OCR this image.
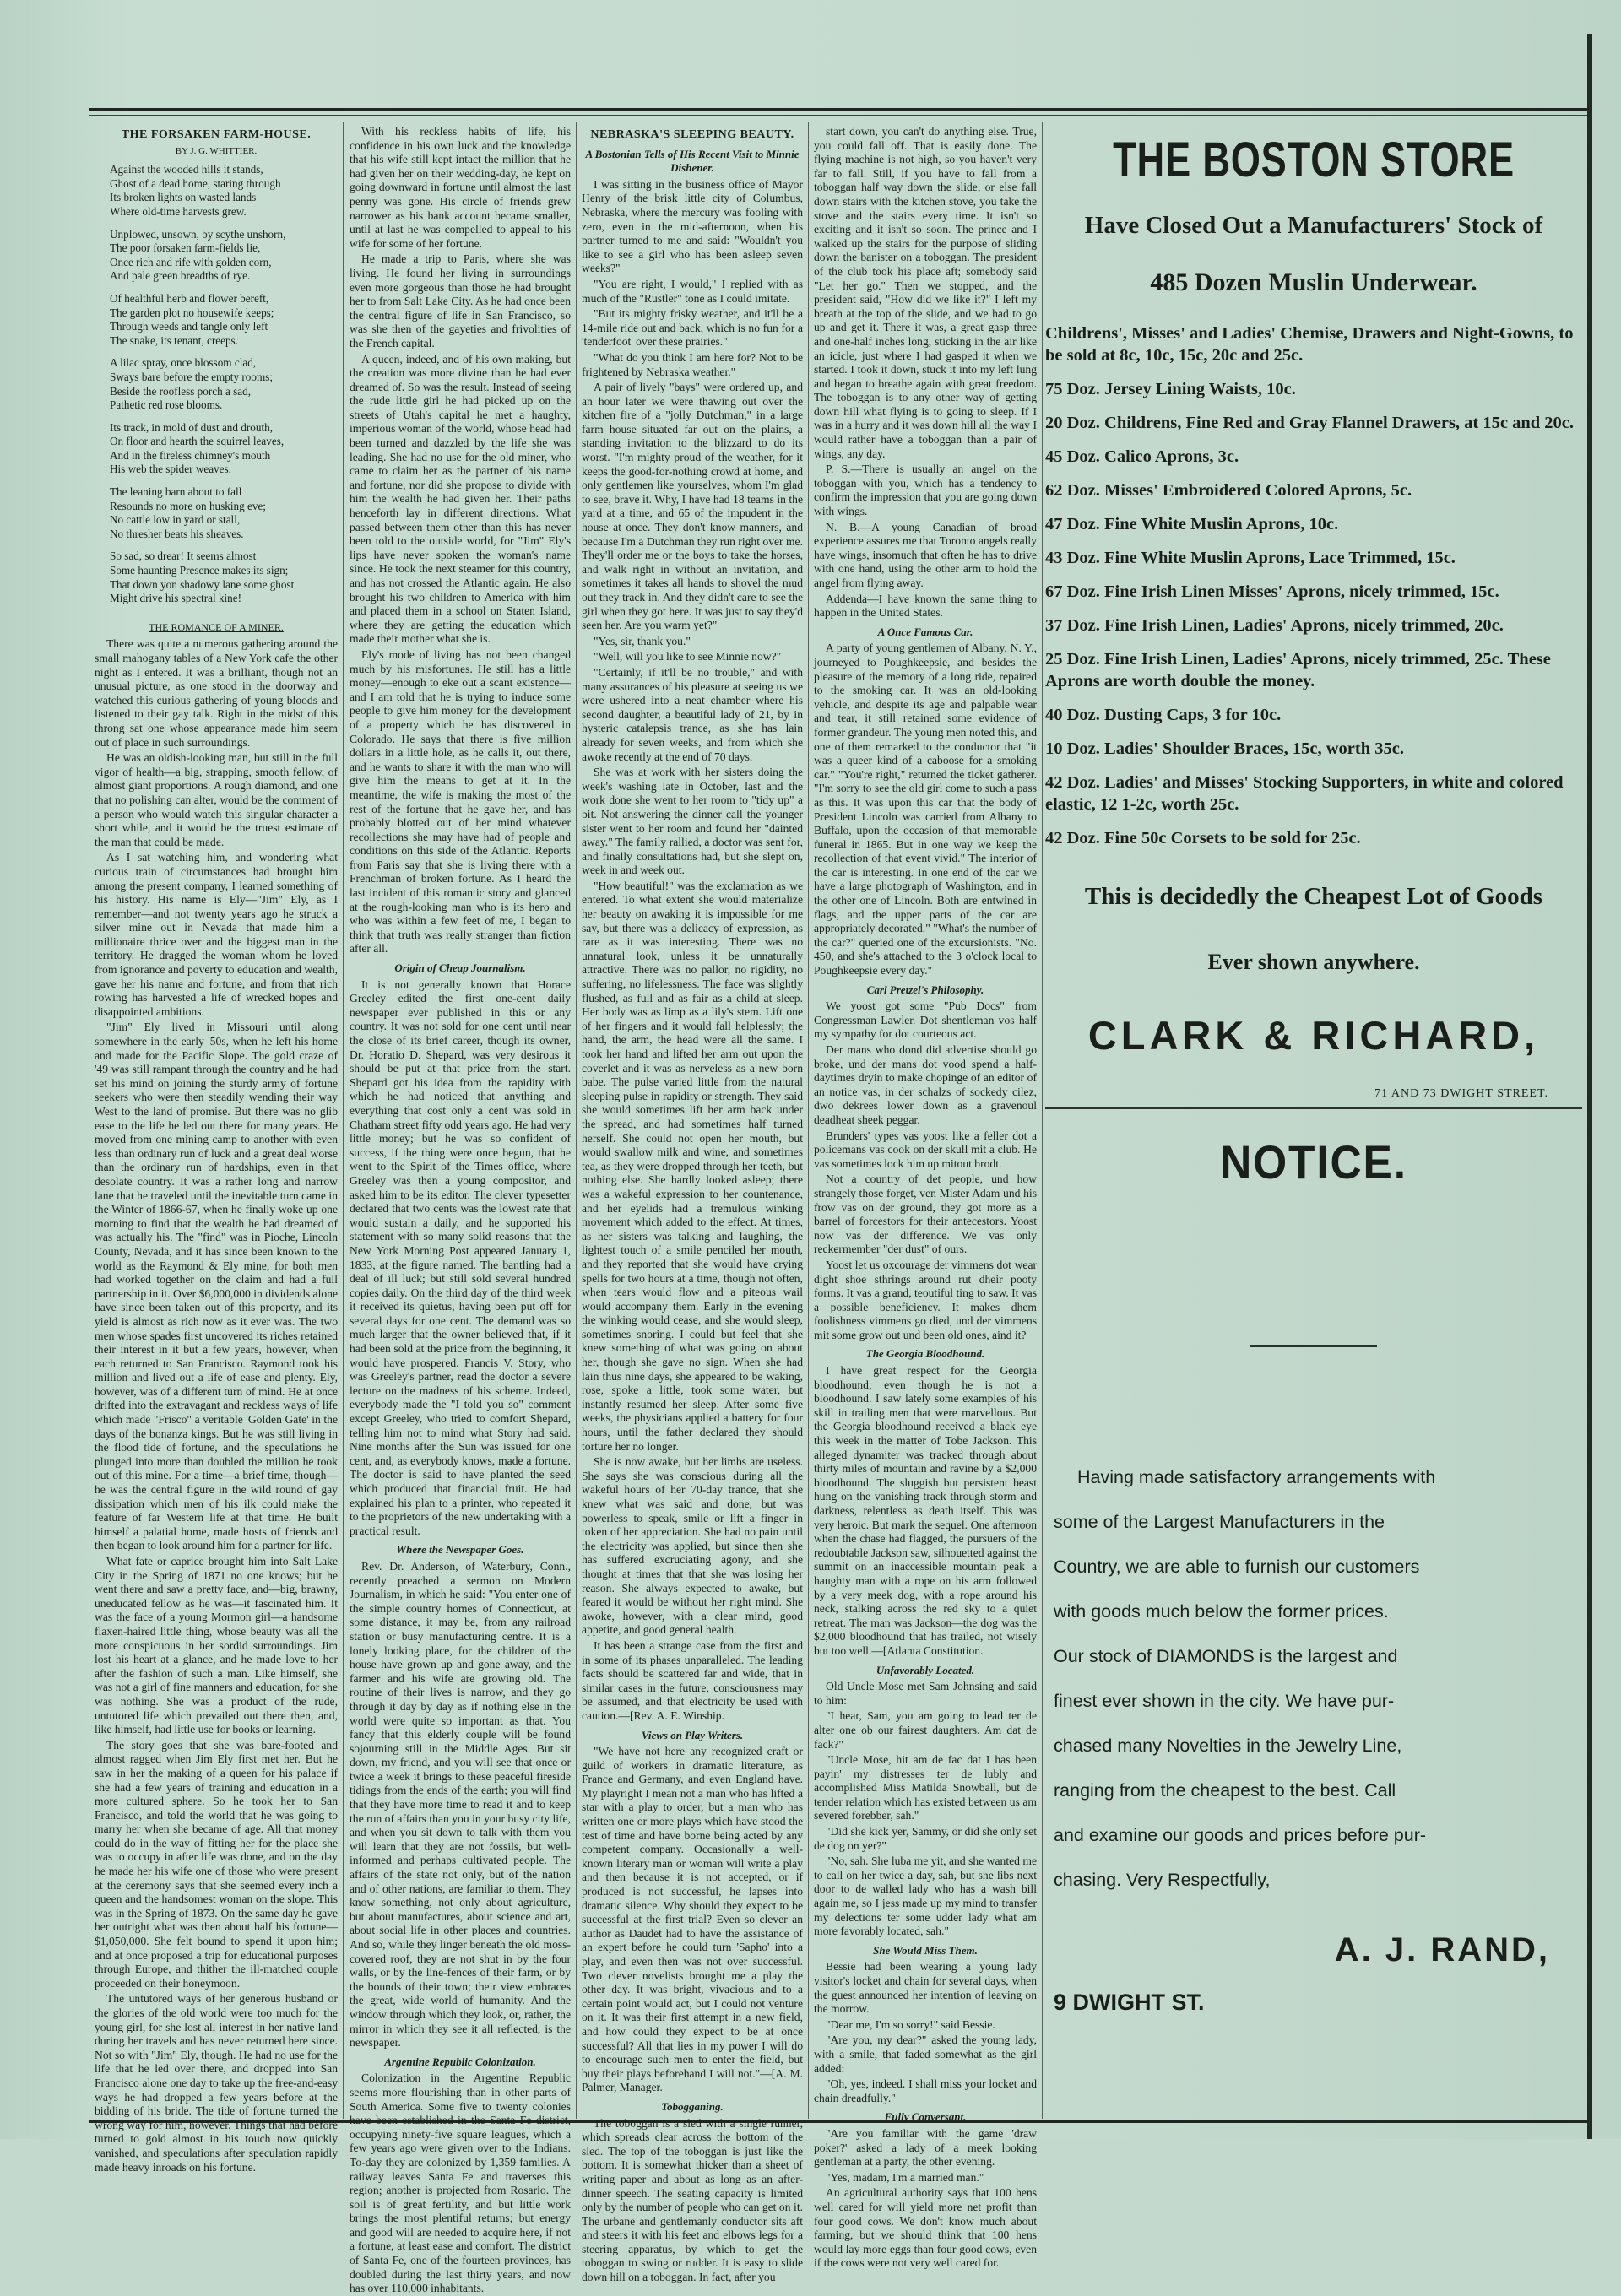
THE FORSAKEN FARM-HOUSE.
BY J. G. WHITTIER.

Against the wooded hills it stands,
Ghost of a dead home, staring through
Its broken lights on wasted lands
Where old-time harvests grew.

Unplowed, unsown, by scythe unshorn,
The poor forsaken farm-fields lie,
Once rich and rife with golden corn,
And pale green breadths of rye.

Of healthful herb and flower bereft,
The garden plot no housewife keeps;
Through weeds and tangle only left
The snake, its tenant, creeps.

A lilac spray, once blossom clad,
Sways bare before the empty rooms;
Beside the roofless porch a sad,
Pathetic red rose blooms.

Its track, in mold of dust and drouth,
On floor and hearth the squirrel leaves,
And in the fireless chimney's mouth
His web the spider weaves.

The leaning barn about to fall
Resounds no more on husking eve;
No cattle low in yard or stall,
No thresher beats his sheaves.

So sad, so drear! It seems almost
Some haunting Presence makes its sign;
That down yon shadowy lane some ghost
Might drive his spectral kine!

THE ROMANCE OF A MINER.

There was quite a numerous gathering around the small mahogany tables of a New York cafe the other night as I entered. It was a brilliant, though not an unusual picture, as one stood in the doorway and watched this curious gathering of young bloods and listened to their gay talk. Right in the midst of this throng sat one whose appearance made him seem out of place in such surroundings.

He was an oldish-looking man, but still in the full vigor of health—a big, strapping, smooth fellow, of almost giant proportions. A rough diamond, and one that no polishing can alter, would be the comment of a person who would watch this singular character a short while, and it would be the truest estimate of the man that could be made.

As I sat watching him, and wondering what curious train of circumstances had brought him among the present company, I learned something of his history. His name is Ely—"Jim" Ely, as I remember—and not twenty years ago he struck a silver mine out in Nevada that made him a millionaire thrice over and the biggest man in the territory. He dragged the woman whom he loved from ignorance and poverty to education and wealth, gave her his name and fortune, and from that rich rowing has harvested a life of wrecked hopes and disappointed ambitions.

"Jim" Ely lived in Missouri until along somewhere in the early '50s, when he left his home and made for the Pacific Slope. The gold craze of '49 was still rampant through the country and he had set his mind on joining the sturdy army of fortune seekers who were then steadily wending their way West to the land of promise. But there was no glib ease to the life he led out there for many years. He moved from one mining camp to another with even less than ordinary run of luck and a great deal worse than the ordinary run of hardships, even in that desolate country. It was a rather long and narrow lane that he traveled until the inevitable turn came in the Winter of 1866-67, when he finally woke up one morning to find that the wealth he had dreamed of was actually his. The "find" was in Pioche, Lincoln County, Nevada, and it has since been known to the world as the Raymond & Ely mine, for both men had worked together on the claim and had a full partnership in it. Over $6,000,000 in dividends alone have since been taken out of this property, and its yield is almost as rich now as it ever was. The two men whose spades first uncovered its riches retained their interest in it but a few years, however, when each returned to San Francisco. Raymond took his million and lived out a life of ease and plenty. Ely, however, was of a different turn of mind. He at once drifted into the extravagant and reckless ways of life which made "Frisco" a veritable 'Golden Gate' in the days of the bonanza kings. But he was still living in the flood tide of fortune, and the speculations he plunged into more than doubled the million he took out of this mine. For a time—a brief time, though—he was the central figure in the wild round of gay dissipation which men of his ilk could make the feature of far Western life at that time. He built himself a palatial home, made hosts of friends and then began to look around him for a partner for life.

What fate or caprice brought him into Salt Lake City in the Spring of 1871 no one knows; but he went there and saw a pretty face, and—big, brawny, uneducated fellow as he was—it fascinated him. It was the face of a young Mormon girl—a handsome flaxen-haired little thing, whose beauty was all the more conspicuous in her sordid surroundings. Jim lost his heart at a glance, and he made love to her after the fashion of such a man. Like himself, she was not a girl of fine manners and education, for she was nothing. She was a product of the rude, untutored life which prevailed out there then, and, like himself, had little use for books or learning.

The story goes that she was bare-footed and almost ragged when Jim Ely first met her. But he saw in her the making of a queen for his palace if she had a few years of training and education in a more cultured sphere. So he took her to San Francisco, and told the world that he was going to marry her when she became of age. All that money could do in the way of fitting her for the place she was to occupy in after life was done, and on the day he made her his wife one of those who were present at the ceremony says that she seemed every inch a queen and the handsomest woman on the slope. This was in the Spring of 1873. On the same day he gave her outright what was then about half his fortune—$1,050,000. She felt bound to spend it upon him; and at once proposed a trip for educational purposes through Europe, and thither the ill-matched couple proceeded on their honeymoon.

The untutored ways of her generous husband or the glories of the old world were too much for the young girl, for she lost all interest in her native land during her travels and has never returned here since. Not so with "Jim" Ely, though. He had no use for the life that he led over there, and dropped into San Francisco alone one day to take up the free-and-easy ways he had dropped a few years before at the bidding of his bride. The tide of fortune turned the wrong way for him, however. Things that had before turned to gold almost in his touch now quickly vanished, and speculations after speculation rapidly made heavy inroads on his fortune.

With his reckless habits of life, his confidence in his own luck and the knowledge that his wife still kept intact the million that he had given her on their wedding-day, he kept on going downward in fortune until almost the last penny was gone. His circle of friends grew narrower as his bank account became smaller, until at last he was compelled to appeal to his wife for some of her fortune.

He made a trip to Paris, where she was living. He found her living in surroundings even more gorgeous than those he had brought her to from Salt Lake City. As he had once been the central figure of life in San Francisco, so was she then of the gayeties and frivolities of the French capital.

A queen, indeed, and of his own making, but the creation was more divine than he had ever dreamed of. So was the result. Instead of seeing the rude little girl he had picked up on the streets of Utah's capital he met a haughty, imperious woman of the world, whose head had been turned and dazzled by the life she was leading. She had no use for the old miner, who came to claim her as the partner of his name and fortune, nor did she propose to divide with him the wealth he had given her. Their paths henceforth lay in different directions. What passed between them other than this has never been told to the outside world, for "Jim" Ely's lips have never spoken the woman's name since. He took the next steamer for this country, and has not crossed the Atlantic again. He also brought his two children to America with him and placed them in a school on Staten Island, where they are getting the education which made their mother what she is.

Ely's mode of living has not been changed much by his misfortunes. He still has a little money—enough to eke out a scant existence—and I am told that he is trying to induce some people to give him money for the development of a property which he has discovered in Colorado. He says that there is five million dollars in a little hole, as he calls it, out there, and he wants to share it with the man who will give him the means to get at it. In the meantime, the wife is making the most of the rest of the fortune that he gave her, and has probably blotted out of her mind whatever recollections she may have had of people and conditions on this side of the Atlantic. Reports from Paris say that she is living there with a Frenchman of broken fortune. As I heard the last incident of this romantic story and glanced at the rough-looking man who is its hero and who was within a few feet of me, I began to think that truth was really stranger than fiction after all.

Origin of Cheap Journalism.

It is not generally known that Horace Greeley edited the first one-cent daily newspaper ever published in this or any country. It was not sold for one cent until near the close of its brief career, though its owner, Dr. Horatio D. Shepard, was very desirous it should be put at that price from the start. Shepard got his idea from the rapidity with which he had noticed that anything and everything that cost only a cent was sold in Chatham street fifty odd years ago. He had very little money; but he was so confident of success, if the thing were once begun, that he went to the Spirit of the Times office, where Greeley was then a young compositor, and asked him to be its editor. The clever typesetter declared that two cents was the lowest rate that would sustain a daily, and he supported his statement with so many solid reasons that the New York Morning Post appeared January 1, 1833, at the figure named. The bantling had a deal of ill luck; but still sold several hundred copies daily. On the third day of the third week it received its quietus, having been put off for several days for one cent. The demand was so much larger that the owner believed that, if it had been sold at the price from the beginning, it would have prospered. Francis V. Story, who was Greeley's partner, read the doctor a severe lecture on the madness of his scheme. Indeed, everybody made the "I told you so" comment except Greeley, who tried to comfort Shepard, telling him not to mind what Story had said. Nine months after the Sun was issued for one cent, and, as everybody knows, made a fortune. The doctor is said to have planted the seed which produced that financial fruit. He had explained his plan to a printer, who repeated it to the proprietors of the new undertaking with a practical result.

Where the Newspaper Goes.

Rev. Dr. Anderson, of Waterbury, Conn., recently preached a sermon on Modern Journalism, in which he said: "You enter one of the simple country homes of Connecticut, at some distance, it may be, from any railroad station or busy manufacturing centre. It is a lonely looking place, for the children of the house have grown up and gone away, and the farmer and his wife are growing old. The routine of their lives is narrow, and they go through it day by day as if nothing else in the world were quite so important as that. You fancy that this elderly couple will be found sojourning still in the Middle Ages. But sit down, my friend, and you will see that once or twice a week it brings to these peaceful fireside tidings from the ends of the earth; you will find that they have more time to read it and to keep the run of affairs than you in your busy city life, and when you sit down to talk with them you will learn that they are not fossils, but well-informed and perhaps cultivated people. The affairs of the state not only, but of the nation and of other nations, are familiar to them. They know something, not only about agriculture, but about manufactures, about science and art, about social life in other places and countries. And so, while they linger beneath the old moss-covered roof, they are not shut in by the four walls, or by the line-fences of their farm, or by the bounds of their town; their view embraces the great, wide world of humanity. And the window through which they look, or, rather, the mirror in which they see it all reflected, is the newspaper.

Argentine Republic Colonization.

Colonization in the Argentine Republic seems more flourishing than in other parts of South America. Some five to twenty colonies have been established in the Santa Fe district, occupying ninety-five square leagues, which a few years ago were given over to the Indians. To-day they are colonized by 1,359 families. A railway leaves Santa Fe and traverses this region; another is projected from Rosario. The soil is of great fertility, and but little work brings the most plentiful returns; but energy and good will are needed to acquire here, if not a fortune, at least ease and comfort. The district of Santa Fe, one of the fourteen provinces, has doubled during the last thirty years, and now has over 110,000 inhabitants.

NEBRASKA'S SLEEPING BEAUTY.
A Bostonian Tells of His Recent Visit to Minnie Dishener.

I was sitting in the business office of Mayor Henry of the brisk little city of Columbus, Nebraska, where the mercury was fooling with zero, even in the mid-afternoon, when his partner turned to me and said: "Wouldn't you like to see a girl who has been asleep seven weeks?"

"You are right, I would," I replied with as much of the "Rustler" tone as I could imitate.

"But its mighty frisky weather, and it'll be a 14-mile ride out and back, which is no fun for a 'tenderfoot' over these prairies."

"What do you think I am here for? Not to be frightened by Nebraska weather."

A pair of lively "bays" were ordered up, and an hour later we were thawing out over the kitchen fire of a "jolly Dutchman," in a large farm house situated far out on the plains, a standing invitation to the blizzard to do its worst. "I'm mighty proud of the weather, for it keeps the good-for-nothing crowd at home, and only gentlemen like yourselves, whom I'm glad to see, brave it. Why, I have had 18 teams in the yard at a time, and 65 of the impudent in the house at once. They don't know manners, and because I'm a Dutchman they run right over me. They'll order me or the boys to take the horses, and walk right in without an invitation, and sometimes it takes all hands to shovel the mud out they track in. And they didn't care to see the girl when they got here. It was just to say they'd seen her. Are you warm yet?"

"Yes, sir, thank you."

"Well, will you like to see Minnie now?"

"Certainly, if it'll be no trouble," and with many assurances of his pleasure at seeing us we were ushered into a neat chamber where his second daughter, a beautiful lady of 21, by in hysteric catalepsis trance, as she has lain already for seven weeks, and from which she awoke recently at the end of 70 days.

She was at work with her sisters doing the week's washing late in October, last and the work done she went to her room to "tidy up" a bit. Not answering the dinner call the younger sister went to her room and found her "dainted away." The family rallied, a doctor was sent for, and finally consultations had, but she slept on, week in and week out.

"How beautiful!" was the exclamation as we entered. To what extent she would materialize her beauty on awaking it is impossible for me say, but there was a delicacy of expression, as rare as it was interesting. There was no unnatural look, unless it be unnaturally attractive. There was no pallor, no rigidity, no suffering, no lifelessness. The face was slightly flushed, as full and as fair as a child at sleep. Her body was as limp as a lily's stem. Lift one of her fingers and it would fall helplessly; the hand, the arm, the head were all the same. I took her hand and lifted her arm out upon the coverlet and it was as nerveless as a new born babe. The pulse varied little from the natural sleeping pulse in rapidity or strength. They said she would sometimes lift her arm back under the spread, and had sometimes half turned herself. She could not open her mouth, but would swallow milk and wine, and sometimes tea, as they were dropped through her teeth, but nothing else. She hardly looked asleep; there was a wakeful expression to her countenance, and her eyelids had a tremulous winking movement which added to the effect. At times, as her sisters was talking and laughing, the lightest touch of a smile penciled her mouth, and they reported that she would have crying spells for two hours at a time, though not often, when tears would flow and a piteous wail would accompany them. Early in the evening the winking would cease, and she would sleep, sometimes snoring. I could but feel that she knew something of what was going on about her, though she gave no sign. When she had lain thus nine days, she appeared to be waking, rose, spoke a little, took some water, but instantly resumed her sleep. After some five weeks, the physicians applied a battery for four hours, until the father declared they should torture her no longer.

She is now awake, but her limbs are useless. She says she was conscious during all the wakeful hours of her 70-day trance, that she knew what was said and done, but was powerless to speak, smile or lift a finger in token of her appreciation. She had no pain until the electricity was applied, but since then she has suffered excruciating agony, and she thought at times that that she was losing her reason. She always expected to awake, but feared it would be without her right mind. She awoke, however, with a clear mind, good appetite, and good general health.

It has been a strange case from the first and in some of its phases unparalleled. The leading facts should be scattered far and wide, that in similar cases in the future, consciousness may be assumed, and that electricity be used with caution.—[Rev. A. E. Winship.

Views on Play Writers.

"We have not here any recognized craft or guild of workers in dramatic literature, as France and Germany, and even England have. My playright I mean not a man who has lifted a star with a play to order, but a man who has written one or more plays which have stood the test of time and have borne being acted by any competent company. Occasionally a well-known literary man or woman will write a play and then because it is not accepted, or if produced is not successful, he lapses into dramatic silence. Why should they expect to be successful at the first trial? Even so clever an author as Daudet had to have the assistance of an expert before he could turn 'Sapho' into a play, and even then was not over successful. Two clever novelists brought me a play the other day. It was bright, vivacious and to a certain point would act, but I could not venture on it. It was their first attempt in a new field, and how could they expect to be at once successful? All that lies in my power I will do to encourage such men to enter the field, but buy their plays beforehand I will not."—[A. M. Palmer, Manager.

Tobogganing.

The toboggan is a sled with a single runner, which spreads clear across the bottom of the sled. The top of the toboggan is just like the bottom. It is somewhat thicker than a sheet of writing paper and about as long as an after-dinner speech. The seating capacity is limited only by the number of people who can get on it. The urbane and gentlemanly conductor sits aft and steers it with his feet and elbows legs for a steering apparatus, by which to get the toboggan to swing or rudder. It is easy to slide down hill on a toboggan. In fact, after you

start down, you can't do anything else. True, you could fall off. That is easily done. The flying machine is not high, so you haven't very far to fall. Still, if you have to fall from a toboggan half way down the slide, or else fall down stairs with the kitchen stove, you take the stove and the stairs every time. It isn't so exciting and it isn't so soon. The prince and I walked up the stairs for the purpose of sliding down the banister on a toboggan. The president of the club took his place aft; somebody said "Let her go." Then we stopped, and the president said, "How did we like it?" I left my breath at the top of the slide, and we had to go up and get it. There it was, a great gasp three and one-half inches long, sticking in the air like an icicle, just where I had gasped it when we started. I took it down, stuck it into my left lung and began to breathe again with great freedom. The toboggan is to any other way of getting down hill what flying is to going to sleep. If I was in a hurry and it was down hill all the way I would rather have a toboggan than a pair of wings, any day.

P. S.—There is usually an angel on the toboggan with you, which has a tendency to confirm the impression that you are going down with wings.

N. B.—A young Canadian of broad experience assures me that Toronto angels really have wings, insomuch that often he has to drive with one hand, using the other arm to hold the angel from flying away.

Addenda—I have known the same thing to happen in the United States.

A Once Famous Car.

A party of young gentlemen of Albany, N. Y., journeyed to Poughkeepsie, and besides the pleasure of the memory of a long ride, repaired to the smoking car. It was an old-looking vehicle, and despite its age and palpable wear and tear, it still retained some evidence of former grandeur. The young men noted this, and one of them remarked to the conductor that "it was a queer kind of a caboose for a smoking car." "You're right," returned the ticket gatherer. "I'm sorry to see the old girl come to such a pass as this. It was upon this car that the body of President Lincoln was carried from Albany to Buffalo, upon the occasion of that memorable funeral in 1865. But in one way we keep the recollection of that event vivid." The interior of the car is interesting. In one end of the car we have a large photograph of Washington, and in the other one of Lincoln. Both are entwined in flags, and the upper parts of the car are appropriately decorated." "What's the number of the car?" queried one of the excursionists. "No. 450, and she's attached to the 3 o'clock local to Poughkeepsie every day."

Carl Pretzel's Philosophy.

We yoost got some "Pub Docs" from Congressman Lawler. Dot shentleman vos half my sympathy for dot courteous act.

Der mans who dond did advertise should go broke, und der mans dot vood spend a half-daytimes dryin to make chopinge of an editor of an notice vas, in der schalzs of sockedy cilez, dwo dekrees lower down as a gravenoul deadheat sheek peggar.

Brunders' types vas yoost like a feller dot a policemans vas cook on der skull mit a club. He vas sometimes lock him up mitout brodt.

Not a country of det people, und how strangely those forget, ven Mister Adam und his frow vas on der ground, they got more as a barrel of forcestors for their antecestors. Yoost now vas der difference. We vas only reckermember "der dust" of ours.

Yoost let us oxcourage der vimmens dot wear dight shoe sthrings around rut dheir pooty forms. It vas a grand, teoutiful ting to saw. It vas a possible beneficiency. It makes dhem foolishness vimmens go died, und der vimmens mit some grow out und been old ones, aind it?

The Georgia Bloodhound.

I have great respect for the Georgia bloodhound; even though he is not a bloodhound. I saw lately some examples of his skill in trailing men that were marvellous. But the Georgia bloodhound received a black eye this week in the matter of Tobe Jackson. This alleged dynamiter was tracked through about thirty miles of mountain and ravine by a $2,000 bloodhound. The sluggish but persistent beast hung on the vanishing track through storm and darkness, relentless as death itself. This was very heroic. But mark the sequel. One afternoon when the chase had flagged, the pursuers of the redoubtable Jackson saw, silhouetted against the summit on an inaccessible mountain peak a haughty man with a rope on his arm followed by a very meek dog, with a rope around his neck, stalking across the red sky to a quiet retreat. The man was Jackson—the dog was the $2,000 bloodhound that has trailed, not wisely but too well.—[Atlanta Constitution.

Unfavorably Located.

Old Uncle Mose met Sam Johnsing and said to him:

"I hear, Sam, you am going to lead ter de alter one ob our fairest daughters. Am dat de fack?"

"Uncle Mose, hit am de fac dat I has been payin' my distresses ter de lubly and accomplished Miss Matilda Snowball, but de tender relation which has existed between us am severed forebber, sah."

"Did she kick yer, Sammy, or did she only set de dog on yer?"

"No, sah. She luba me yit, and she wanted me to call on her twice a day, sah, but she libs next door to de walled lady who has a wash bill again me, so I jess made up my mind to transfer my delections ter some udder lady what am more favorably located, sah."

She Would Miss Them.

Bessie had been wearing a young lady visitor's locket and chain for several days, when the guest announced her intention of leaving on the morrow.

"Dear me, I'm so sorry!" said Bessie.

"Are you, my dear?" asked the young lady, with a smile, that faded somewhat as the girl added:

"Oh, yes, indeed. I shall miss your locket and chain dreadfully."

Fully Conversant.

"Are you familiar with the game 'draw poker?' asked a lady of a meek looking gentleman at a party, the other evening.

"Yes, madam, I'm a married man."

An agricultural authority says that 100 hens well cared for will yield more net profit than four good cows. We don't know much about farming, but we should think that 100 hens would lay more eggs than four good cows, even if the cows were not very well cared for.

THE BOSTON STORE
Have Closed Out a Manufacturers' Stock of
485 Dozen Muslin Underwear.
Childrens', Misses' and Ladies' Chemise, Drawers and Night-Gowns, to be sold at 8c, 10c, 15c, 20c and 25c.
75 Doz. Jersey Lining Waists, 10c.
20 Doz. Childrens, Fine Red and Gray Flannel Drawers, at 15c and 20c.
45 Doz. Calico Aprons, 3c.
62 Doz. Misses' Embroidered Colored Aprons, 5c.
47 Doz. Fine White Muslin Aprons, 10c.
43 Doz. Fine White Muslin Aprons, Lace Trimmed, 15c.
67 Doz. Fine Irish Linen Misses' Aprons, nicely trimmed, 15c.
37 Doz. Fine Irish Linen, Ladies' Aprons, nicely trimmed, 20c.
25 Doz. Fine Irish Linen, Ladies' Aprons, nicely trimmed, 25c. These Aprons are worth double the money.
40 Doz. Dusting Caps, 3 for 10c.
10 Doz. Ladies' Shoulder Braces, 15c, worth 35c.
42 Doz. Ladies' and Misses' Stocking Supporters, in white and colored elastic, 12 1-2c, worth 25c.
42 Doz. Fine 50c Corsets to be sold for 25c.
This is decidedly the Cheapest Lot of Goods
Ever shown anywhere.
CLARK & RICHARD,
71 AND 73 DWIGHT STREET.
NOTICE.
Having made satisfactory arrangements with
some of the Largest Manufacturers in the
Country, we are able to furnish our customers
with goods much below the former prices.
Our stock of DIAMONDS is the largest and
finest ever shown in the city. We have pur-
chased many Novelties in the Jewelry Line,
ranging from the cheapest to the best. Call
and examine our goods and prices before pur-
chasing. Very Respectfully,
A. J. RAND,
9 DWIGHT ST.
